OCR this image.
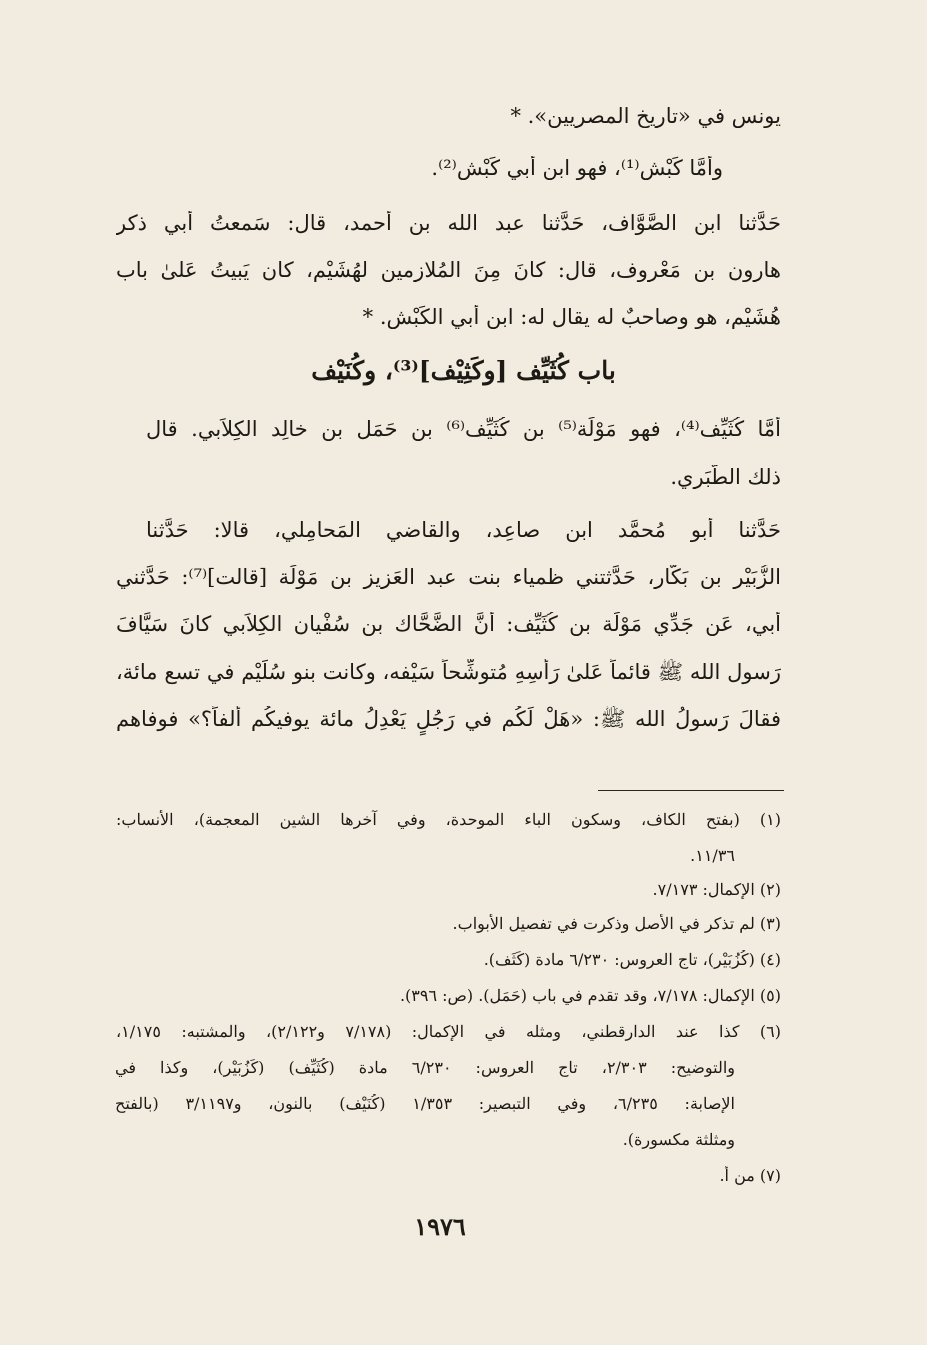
يونس في «تاريخ المصريين». *
وأمَّا كَبْش⁽¹⁾، فهو ابن أبي كَبْش⁽²⁾.
حَدَّثنا ابن الصَّوَّاف، حَدَّثنا عبد الله بن أحمد، قال: سَمعتُ أبي ذكر
هارون بن مَعْروف، قال: كانَ مِنَ المُلازمين لهُشَيْم، كان يَبيتُ عَلىٰ باب
هُشَيْم، هو وصاحبٌ له يقال له: ابن أبي الكَبْش. *
باب كُثَيِّف [وكَثِيْف]⁽³⁾، وكُنَيْف
أمَّا كُثَيِّف⁽⁴⁾، فهو مَوْلَة⁽⁵⁾ بن كُثَيِّف⁽⁶⁾ بن حَمَل بن خالِد الكِلاَبي. قال
ذلك الطَّبَري.
حَدَّثنا أبو مُحمَّد ابن صاعِد، والقاضي المَحامِلي، قالا: حَدَّثنا
الزُّبَيْر بن بَكَّار، حَدَّثتني ظمياء بنت عبد العَزيز بن مَوْلَة [قالت]⁽⁷⁾: حَدَّثني
أبي، عَن جَدِّي مَوْلَة بن كُثَيِّف: أنَّ الضَّحَّاك بن سُفْيان الكِلاَبي كانَ سَيَّافَ
رَسول الله ﷺ قائماً عَلىٰ رَأْسِهِ مُتوشِّحاً سَيْفه، وكانت بنو سُلَيْم في تسع مائة،
فقالَ رَسولُ الله ﷺ: «هَلْ لَكُم في رَجُلٍ يَعْدِلُ مائة يوفيكُم ألفاً؟» فوفاهم
(١) (بفتح الكاف، وسكون الباء الموحدة، وفي آخرها الشين المعجمة)، الأنساب:
١١/٣٦.
(٢) الإكمال: ٧/١٧٣.
(٣) لم تذكر في الأصل وذكرت في تفصيل الأبواب.
(٤) (كُزُبَيْر)، تاج العروس: ٦/٢٣٠ مادة (كَثَف).
(٥) الإكمال: ٧/١٧٨، وقد تقدم في باب (حَمَل). (ص: ٣٩٦).
(٦) كذا عند الدارقطني، ومثله في الإكمال: (٧/١٧٨ و٢/١٢٢)، والمشتبه: ١/١٧٥،
والتوضيح: ٢/٣٠٣، تاج العروس: ٦/٢٣٠ مادة (كُثَيِّف) (كَزُبَيْر)، وكذا في
الإصابة: ٦/٢٣٥، وفي التبصير: ١/٣٥٣ (كُنَيْف) بالنون، و٣/١١٩٧ (بالفتح
ومثلثة مكسورة).
(٧) من أ.
١٩٧٦
